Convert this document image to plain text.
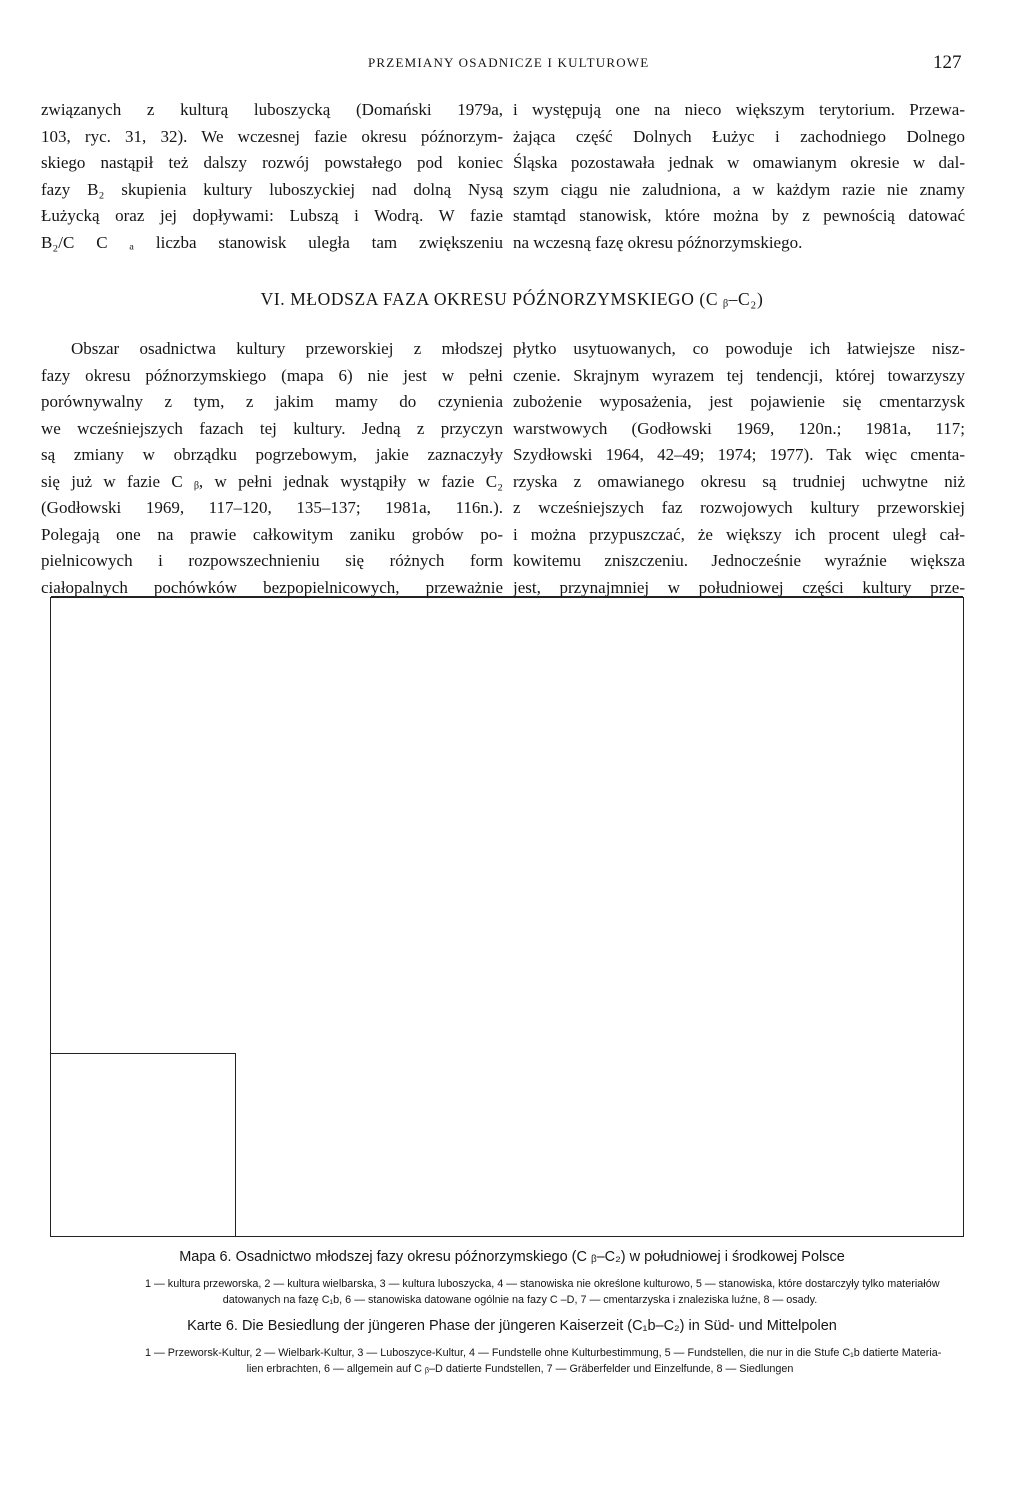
PRZEMIANY OSADNICZE I KULTUROWE	127
związanych z kulturą luboszycką (Domański 1979a,
103, ryc. 31, 32). We wczesnej fazie okresu późnorzym-
skiego nastąpił też dalszy rozwój powstałego pod koniec
fazy B₂ skupienia kultury luboszyckiej nad dolną Nysą
Łużycką oraz jej dopływami: Lubszą i Wodrą. W fazie
B₂/C C ₐ liczba stanowisk uległa tam zwiększeniu
i występują one na nieco większym terytorium. Przewa-
żająca część Dolnych Łużyc i zachodniego Dolnego
Śląska pozostawała jednak w omawianym okresie w dal-
szym ciągu nie zaludniona, a w każdym razie nie znamy
stamtąd stanowisk, które można by z pewnością datować
na wczesną fazę okresu późnorzymskiego.
VI. MŁODSZA FAZA OKRESU PÓŹNORZYMSKIEGO (C ᵦ–C₂)
Obszar osadnictwa kultury przeworskiej z młodszej
fazy okresu późnorzymskiego (mapa 6) nie jest w pełni
porównywalny z tym, z jakim mamy do czynienia
we wcześniejszych fazach tej kultury. Jedną z przyczyn
są zmiany w obrządku pogrzebowym, jakie zaznaczyły
się już w fazie C ᵦ, w pełni jednak wystąpiły w fazie C₂
(Godłowski 1969, 117–120, 135–137; 1981a, 116n.).
Polegają one na prawie całkowitym zaniku grobów po-
pielnicowych i rozpowszechnieniu się różnych form
ciałopalnych pochówków bezpopielnicowych, przeważnie
płytko usytuowanych, co powoduje ich łatwiejsze nisz-
czenie. Skrajnym wyrazem tej tendencji, której towarzyszy
zubożenie wyposażenia, jest pojawienie się cmentarzysk
warstwowych (Godłowski 1969, 120n.; 1981a, 117;
Szydłowski 1964, 42–49; 1974; 1977). Tak więc cmenta-
rzyska z omawianego okresu są trudniej uchwytne niż
z wcześniejszych faz rozwojowych kultury przeworskiej
i można przypuszczać, że większy ich procent uległ cał-
kowitemu zniszczeniu. Jednocześnie wyraźnie większa
jest, przynajmniej w południowej części kultury prze-
Mapa 6. Osadnictwo młodszej fazy okresu późnorzymskiego (C ᵦ–C₂) w południowej i środkowej Polsce
1 — kultura przeworska, 2 — kultura wielbarska, 3 — kultura luboszycka, 4 — stanowiska nie określone kulturowo, 5 — stanowiska, które dostarczyły tylko materiałów
datowanych na fazę C₁b, 6 — stanowiska datowane ogólnie na fazy C –D, 7 — cmentarzyska i znaleziska luźne, 8 — osady.
Karte 6. Die Besiedlung der jüngeren Phase der jüngeren Kaiserzeit (C₁b–C₂) in Süd- und Mittelpolen
1 — Przeworsk-Kultur, 2 — Wielbark-Kultur, 3 — Luboszyce-Kultur, 4 — Fundstelle ohne Kulturbestimmung, 5 — Fundstellen, die nur in die Stufe C₁b datierte Materia-
lien erbrachten, 6 — allgemein auf C ᵦ–D datierte Fundstellen, 7 — Gräberfelder und Einzelfunde, 8 — Siedlungen
